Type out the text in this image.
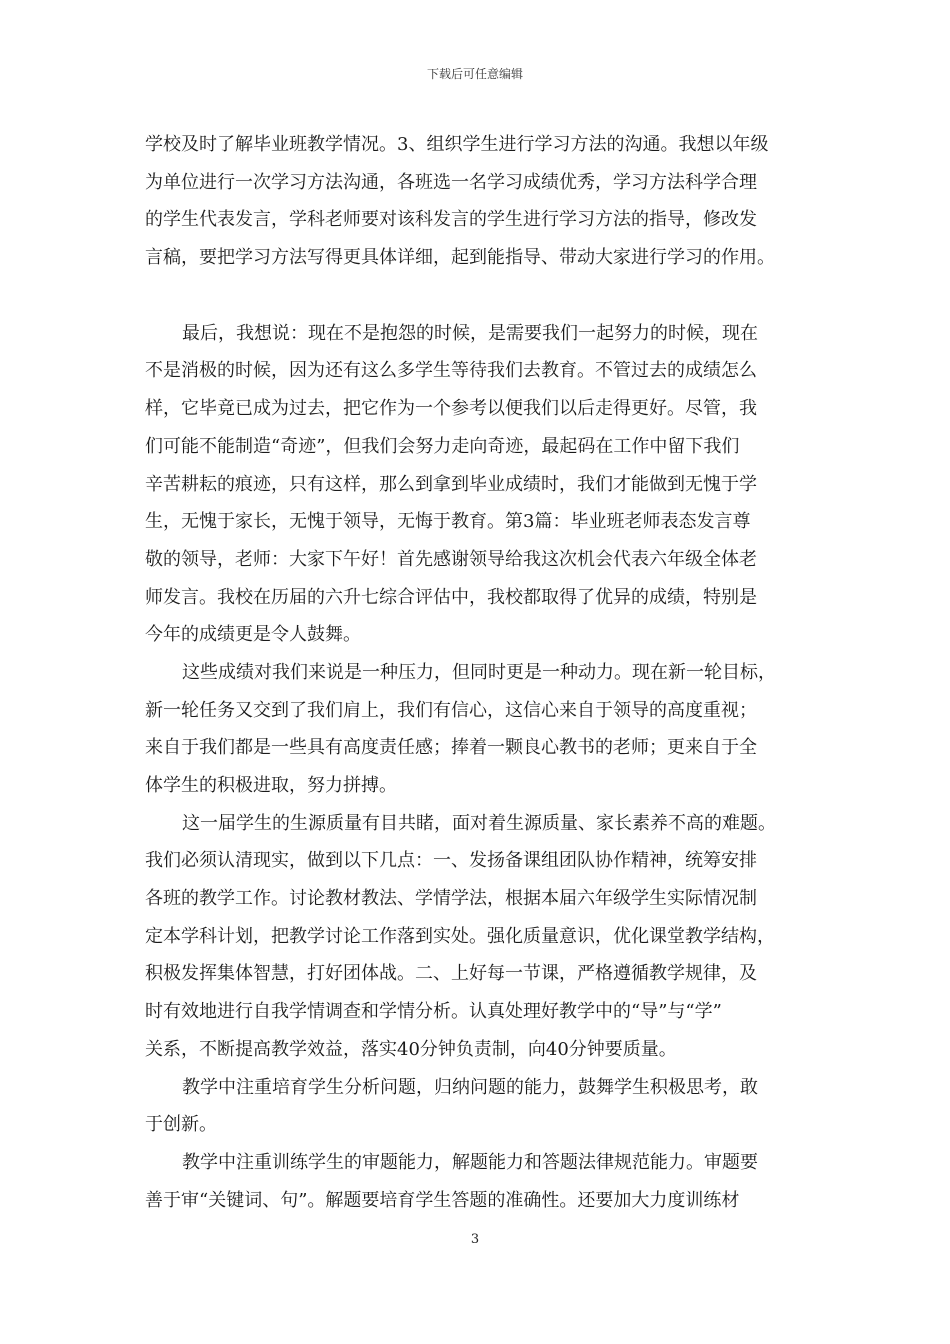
下载后可任意编辑
学校及时了解毕业班教学情况。3、组织学生进行学习方法的沟通。我想以年级
为单位进行一次学习方法沟通，各班选一名学习成绩优秀，学习方法科学合理
的学生代表发言，学科老师要对该科发言的学生进行学习方法的指导，修改发
言稿，要把学习方法写得更具体详细，起到能指导、带动大家进行学习的作用。
最后，我想说：现在不是抱怨的时候，是需要我们一起努力的时候，现在
不是消极的时候，因为还有这么多学生等待我们去教育。不管过去的成绩怎么
样，它毕竟已成为过去，把它作为一个参考以便我们以后走得更好。尽管，我
们可能不能制造“奇迹”，但我们会努力走向奇迹，最起码在工作中留下我们
辛苦耕耘的痕迹，只有这样，那么到拿到毕业成绩时，我们才能做到无愧于学
生，无愧于家长，无愧于领导，无悔于教育。第3篇：毕业班老师表态发言尊
敬的领导，老师：大家下午好！首先感谢领导给我这次机会代表六年级全体老
师发言。我校在历届的六升七综合评估中，我校都取得了优异的成绩，特别是
今年的成绩更是令人鼓舞。
这些成绩对我们来说是一种压力，但同时更是一种动力。现在新一轮目标，
新一轮任务又交到了我们肩上，我们有信心，这信心来自于领导的高度重视；
来自于我们都是一些具有高度责任感；捧着一颗良心教书的老师；更来自于全
体学生的积极进取，努力拼搏。
这一届学生的生源质量有目共睹，面对着生源质量、家长素养不高的难题。
我们必须认清现实，做到以下几点：一、发扬备课组团队协作精神，统筹安排
各班的教学工作。讨论教材教法、学情学法，根据本届六年级学生实际情况制
定本学科计划，把教学讨论工作落到实处。强化质量意识，优化课堂教学结构，
积极发挥集体智慧，打好团体战。二、上好每一节课，严格遵循教学规律，及
时有效地进行自我学情调查和学情分析。认真处理好教学中的“导”与“学”
关系，不断提高教学效益，落实40分钟负责制，向40分钟要质量。
教学中注重培育学生分析问题，归纳问题的能力，鼓舞学生积极思考，敢
于创新。
教学中注重训练学生的审题能力，解题能力和答题法律规范能力。审题要
善于审“关键词、句”。解题要培育学生答题的准确性。还要加大力度训练材
3
